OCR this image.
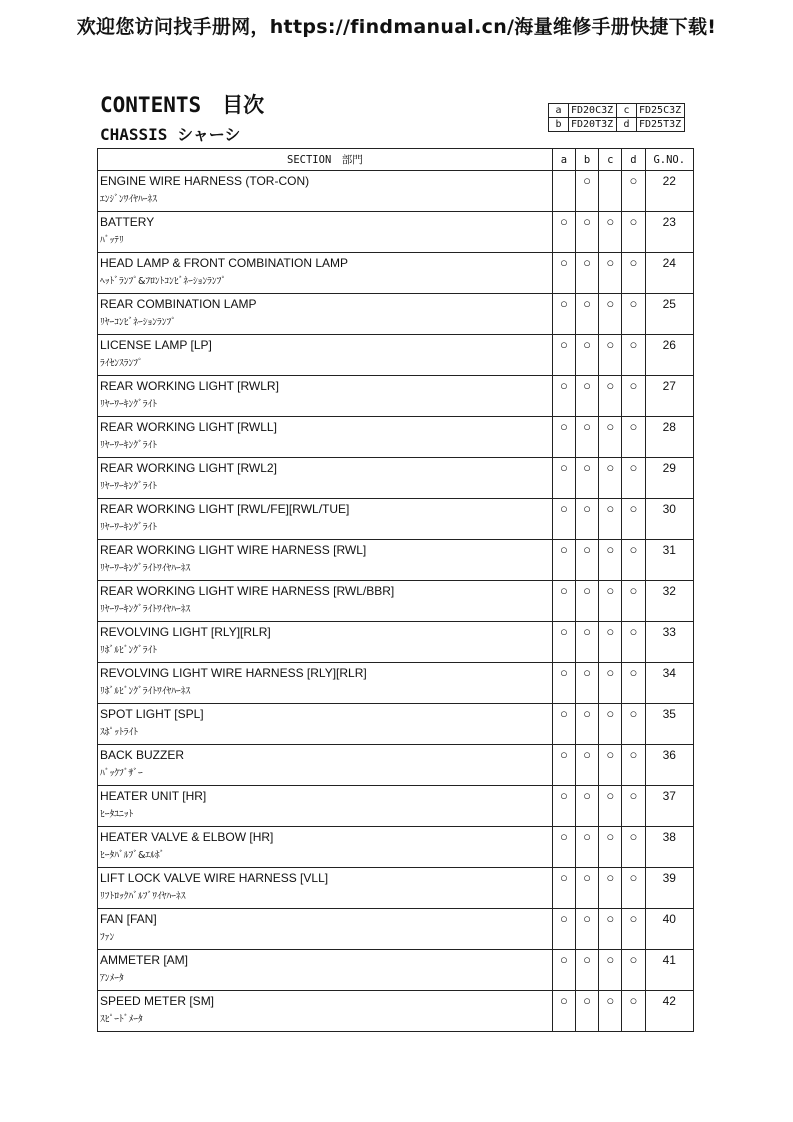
欢迎您访问找手册网，https://findmanual.cn/海量维修手册快捷下载!
CONTENTS　目次
CHASSIS シャーシ
a	FD20C3Z	c	FD25C3Z
b	FD20T3Z	d	FD25T3Z
SECTION　部門	a	b	c	d	G.NO.

ENGINE WIRE HARNESS (TOR-CON)
ｴﾝｼﾞﾝﾜｲﾔﾊｰﾈｽ		○		○	22

BATTERY
ﾊﾞｯﾃﾘ	○	○	○	○	23

HEAD LAMP & FRONT COMBINATION LAMP
ﾍｯﾄﾞﾗﾝﾌﾟ&ﾌﾛﾝﾄｺﾝﾋﾞﾈｰｼｮﾝﾗﾝﾌﾟ	○	○	○	○	24

REAR COMBINATION LAMP
ﾘﾔｰｺﾝﾋﾞﾈｰｼｮﾝﾗﾝﾌﾟ	○	○	○	○	25

LICENSE LAMP [LP]
ﾗｲｾﾝｽﾗﾝﾌﾟ	○	○	○	○	26

REAR WORKING LIGHT [RWLR]
ﾘﾔｰﾜｰｷﾝｸﾞﾗｲﾄ	○	○	○	○	27

REAR WORKING LIGHT [RWLL]
ﾘﾔｰﾜｰｷﾝｸﾞﾗｲﾄ	○	○	○	○	28

REAR WORKING LIGHT [RWL2]
ﾘﾔｰﾜｰｷﾝｸﾞﾗｲﾄ	○	○	○	○	29

REAR WORKING LIGHT [RWL/FE][RWL/TUE]
ﾘﾔｰﾜｰｷﾝｸﾞﾗｲﾄ	○	○	○	○	30

REAR WORKING LIGHT WIRE HARNESS [RWL]
ﾘﾔｰﾜｰｷﾝｸﾞﾗｲﾄﾜｲﾔﾊｰﾈｽ	○	○	○	○	31

REAR WORKING LIGHT WIRE HARNESS [RWL/BBR]
ﾘﾔｰﾜｰｷﾝｸﾞﾗｲﾄﾜｲﾔﾊｰﾈｽ	○	○	○	○	32

REVOLVING LIGHT [RLY][RLR]
ﾘﾎﾞﾙﾋﾞﾝｸﾞﾗｲﾄ	○	○	○	○	33

REVOLVING LIGHT WIRE HARNESS [RLY][RLR]
ﾘﾎﾞﾙﾋﾞﾝｸﾞﾗｲﾄﾜｲﾔﾊｰﾈｽ	○	○	○	○	34

SPOT LIGHT [SPL]
ｽﾎﾟｯﾄﾗｲﾄ	○	○	○	○	35

BACK BUZZER
ﾊﾞｯｸﾌﾞｻﾞｰ	○	○	○	○	36

HEATER UNIT [HR]
ﾋｰﾀﾕﾆｯﾄ	○	○	○	○	37

HEATER VALVE & ELBOW [HR]
ﾋｰﾀﾊﾞﾙﾌﾞ&ｴﾙﾎﾞ	○	○	○	○	38

LIFT LOCK VALVE WIRE HARNESS [VLL]
ﾘﾌﾄﾛｯｸﾊﾞﾙﾌﾞﾜｲﾔﾊｰﾈｽ	○	○	○	○	39

FAN [FAN]
ﾌｧﾝ	○	○	○	○	40

AMMETER [AM]
ｱﾝﾒｰﾀ	○	○	○	○	41

SPEED METER [SM]
ｽﾋﾟｰﾄﾞﾒｰﾀ	○	○	○	○	42
